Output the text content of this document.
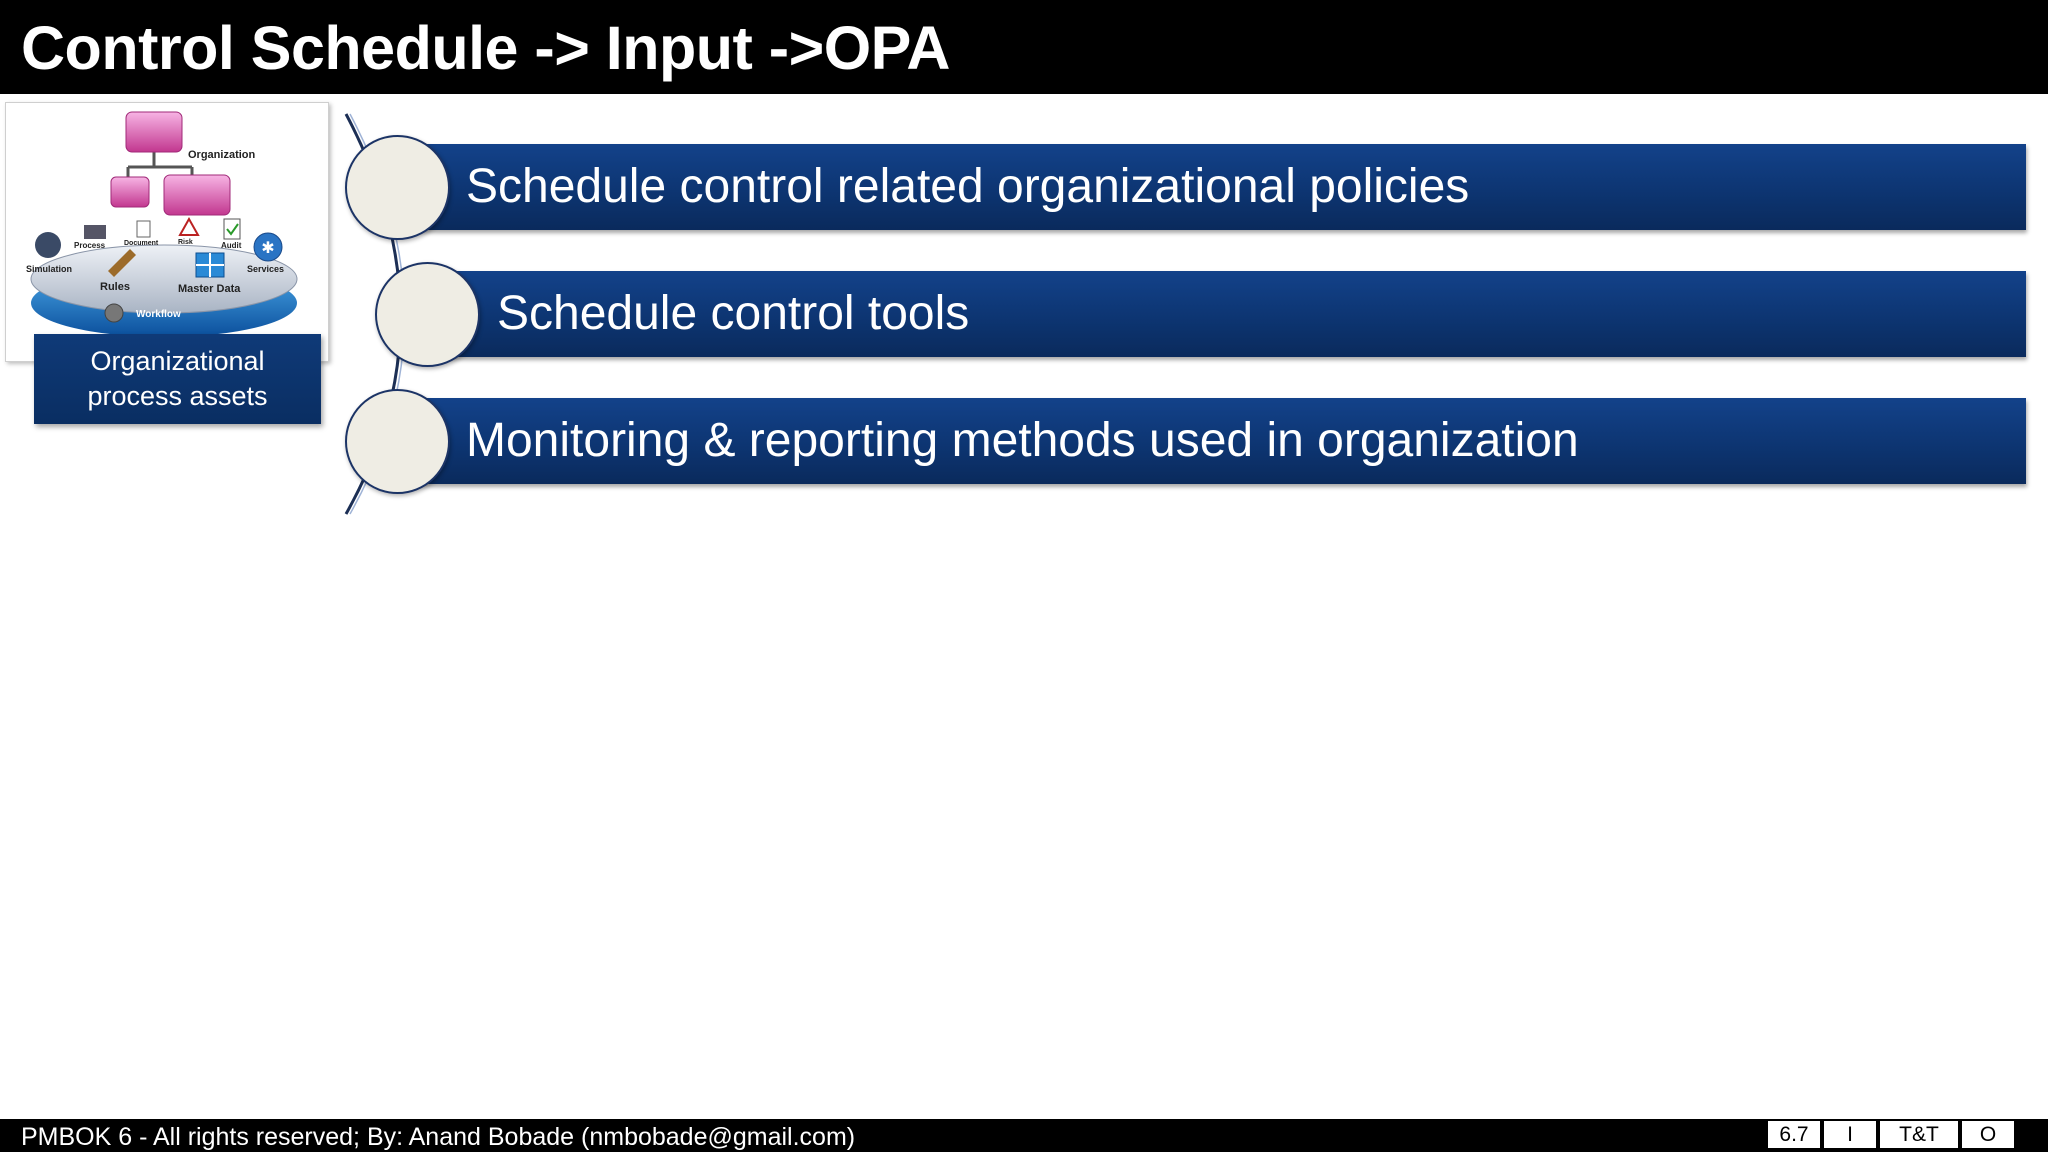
Control Schedule -> Input ->OPA
Organization
✱
Process	Document	Risk	Audit
Simulation
Rules	Master Data
Services
Workflow
Organizational process assets
Schedule control related organizational policies
Schedule control tools
Monitoring & reporting methods used in organization
PMBOK 6 - All rights reserved; By: Anand Bobade (nmbobade@gmail.com)	6.7	I	T&T	O
